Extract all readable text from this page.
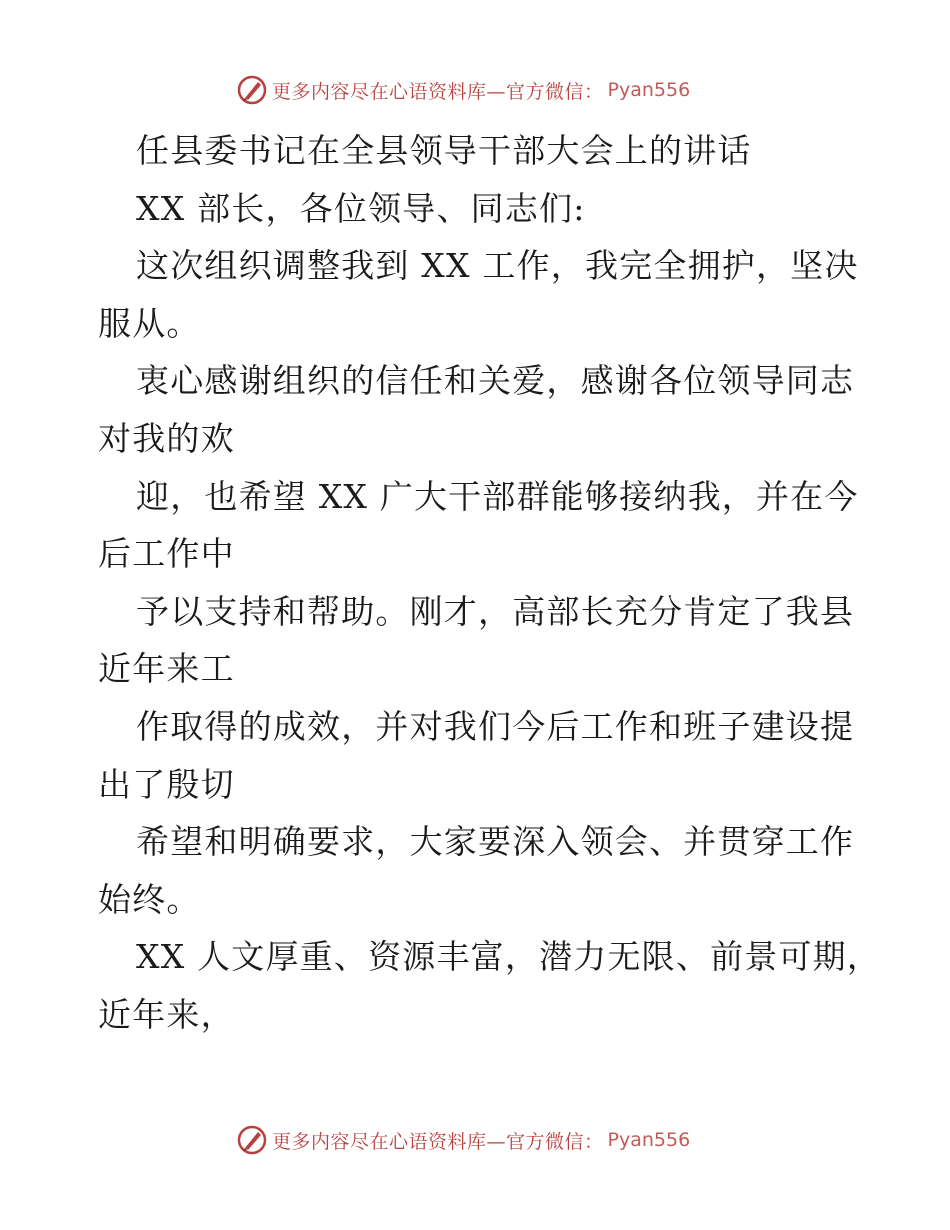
更多内容尽在心语资料库—官方微信： Pyan556
任县委书记在全县领导干部大会上的讲话
XX 部长，各位领导、同志们:
这次组织调整我到 XX 工作，我完全拥护，坚决
服从。
衷心感谢组织的信任和关爱，感谢各位领导同志
对我的欢
迎，也希望 XX 广大干部群能够接纳我，并在今
后工作中
予以支持和帮助。刚才，高部长充分肯定了我县
近年来工
作取得的成效，并对我们今后工作和班子建设提
出了殷切
希望和明确要求，大家要深入领会、并贯穿工作
始终。
XX 人文厚重、资源丰富，潜力无限、前景可期，
近年来，
更多内容尽在心语资料库—官方微信： Pyan556
